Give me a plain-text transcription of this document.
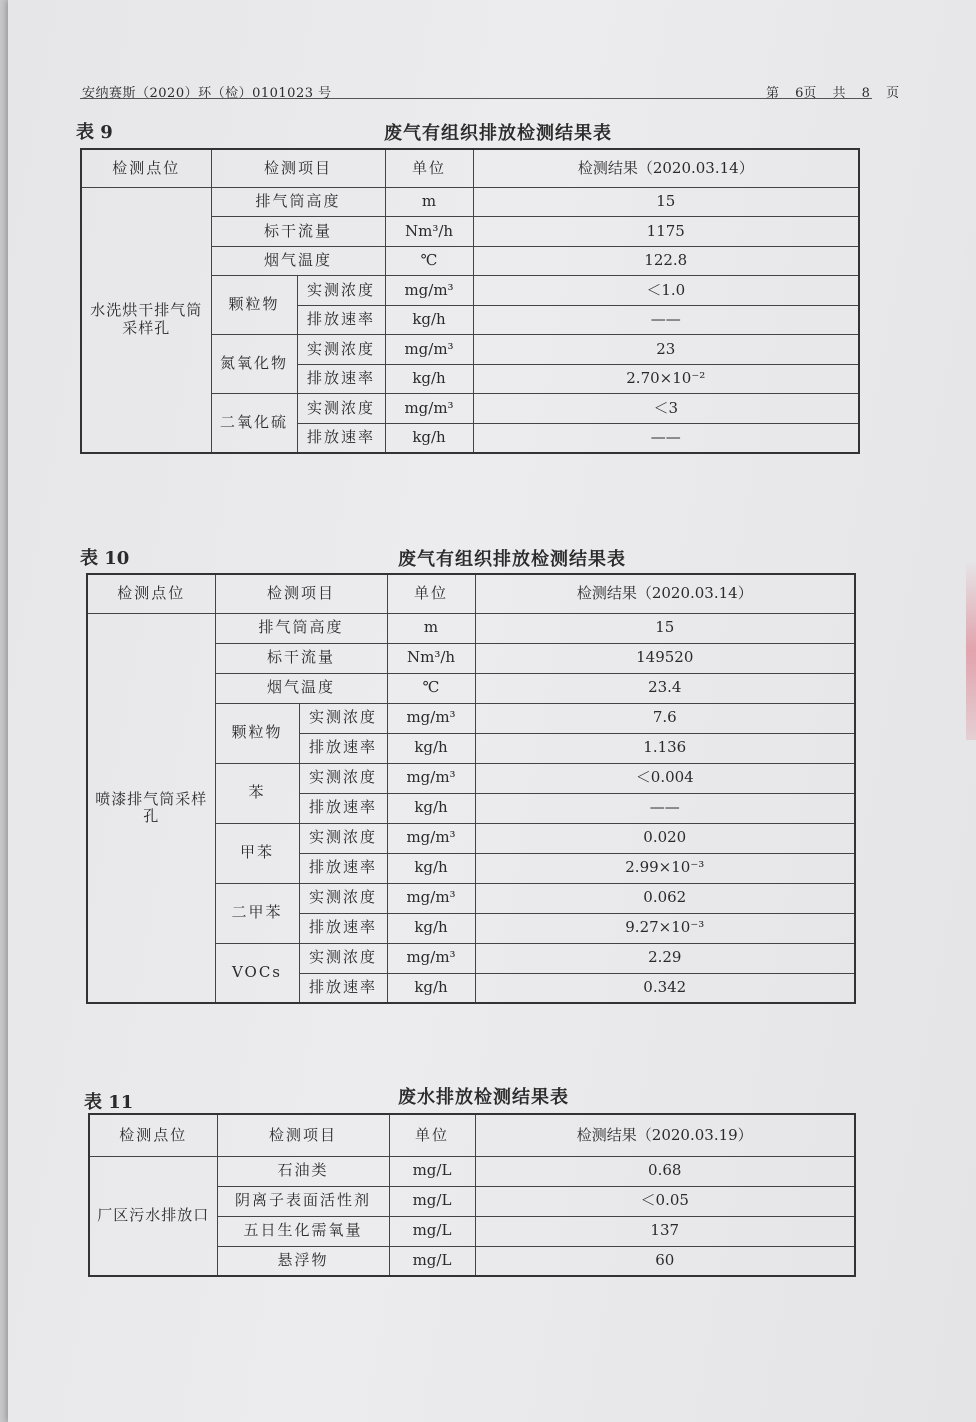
安纳赛斯（2020）环（检）0101023 号	第 6页 共 8 页
表 9	废气有组织排放检测结果表
检测点位	检测项目		单位	检测结果（2020.03.14）
水洗烘干排气筒采样孔	排气筒高度		m	15
	标干流量		Nm³/h	1175
	烟气温度		℃	122.8
	颗粒物	实测浓度	mg/m³	＜1.0
		排放速率	kg/h	——
	氮氧化物	实测浓度	mg/m³	23
		排放速率	kg/h	2.70×10⁻²
	二氧化硫	实测浓度	mg/m³	＜3
		排放速率	kg/h	——
表 10	废气有组织排放检测结果表
检测点位	检测项目		单位	检测结果（2020.03.14）
喷漆排气筒采样孔	排气筒高度		m	15
	标干流量		Nm³/h	149520
	烟气温度		℃	23.4
	颗粒物	实测浓度	mg/m³	7.6
		排放速率	kg/h	1.136
	苯	实测浓度	mg/m³	＜0.004
		排放速率	kg/h	——
	甲苯	实测浓度	mg/m³	0.020
		排放速率	kg/h	2.99×10⁻³
	二甲苯	实测浓度	mg/m³	0.062
		排放速率	kg/h	9.27×10⁻³
	VOCs	实测浓度	mg/m³	2.29
		排放速率	kg/h	0.342
表 11	废水排放检测结果表
检测点位	检测项目	单位	检测结果（2020.03.19）
厂区污水排放口	石油类	mg/L	0.68
	阴离子表面活性剂	mg/L	＜0.05
	五日生化需氧量	mg/L	137
	悬浮物	mg/L	60
